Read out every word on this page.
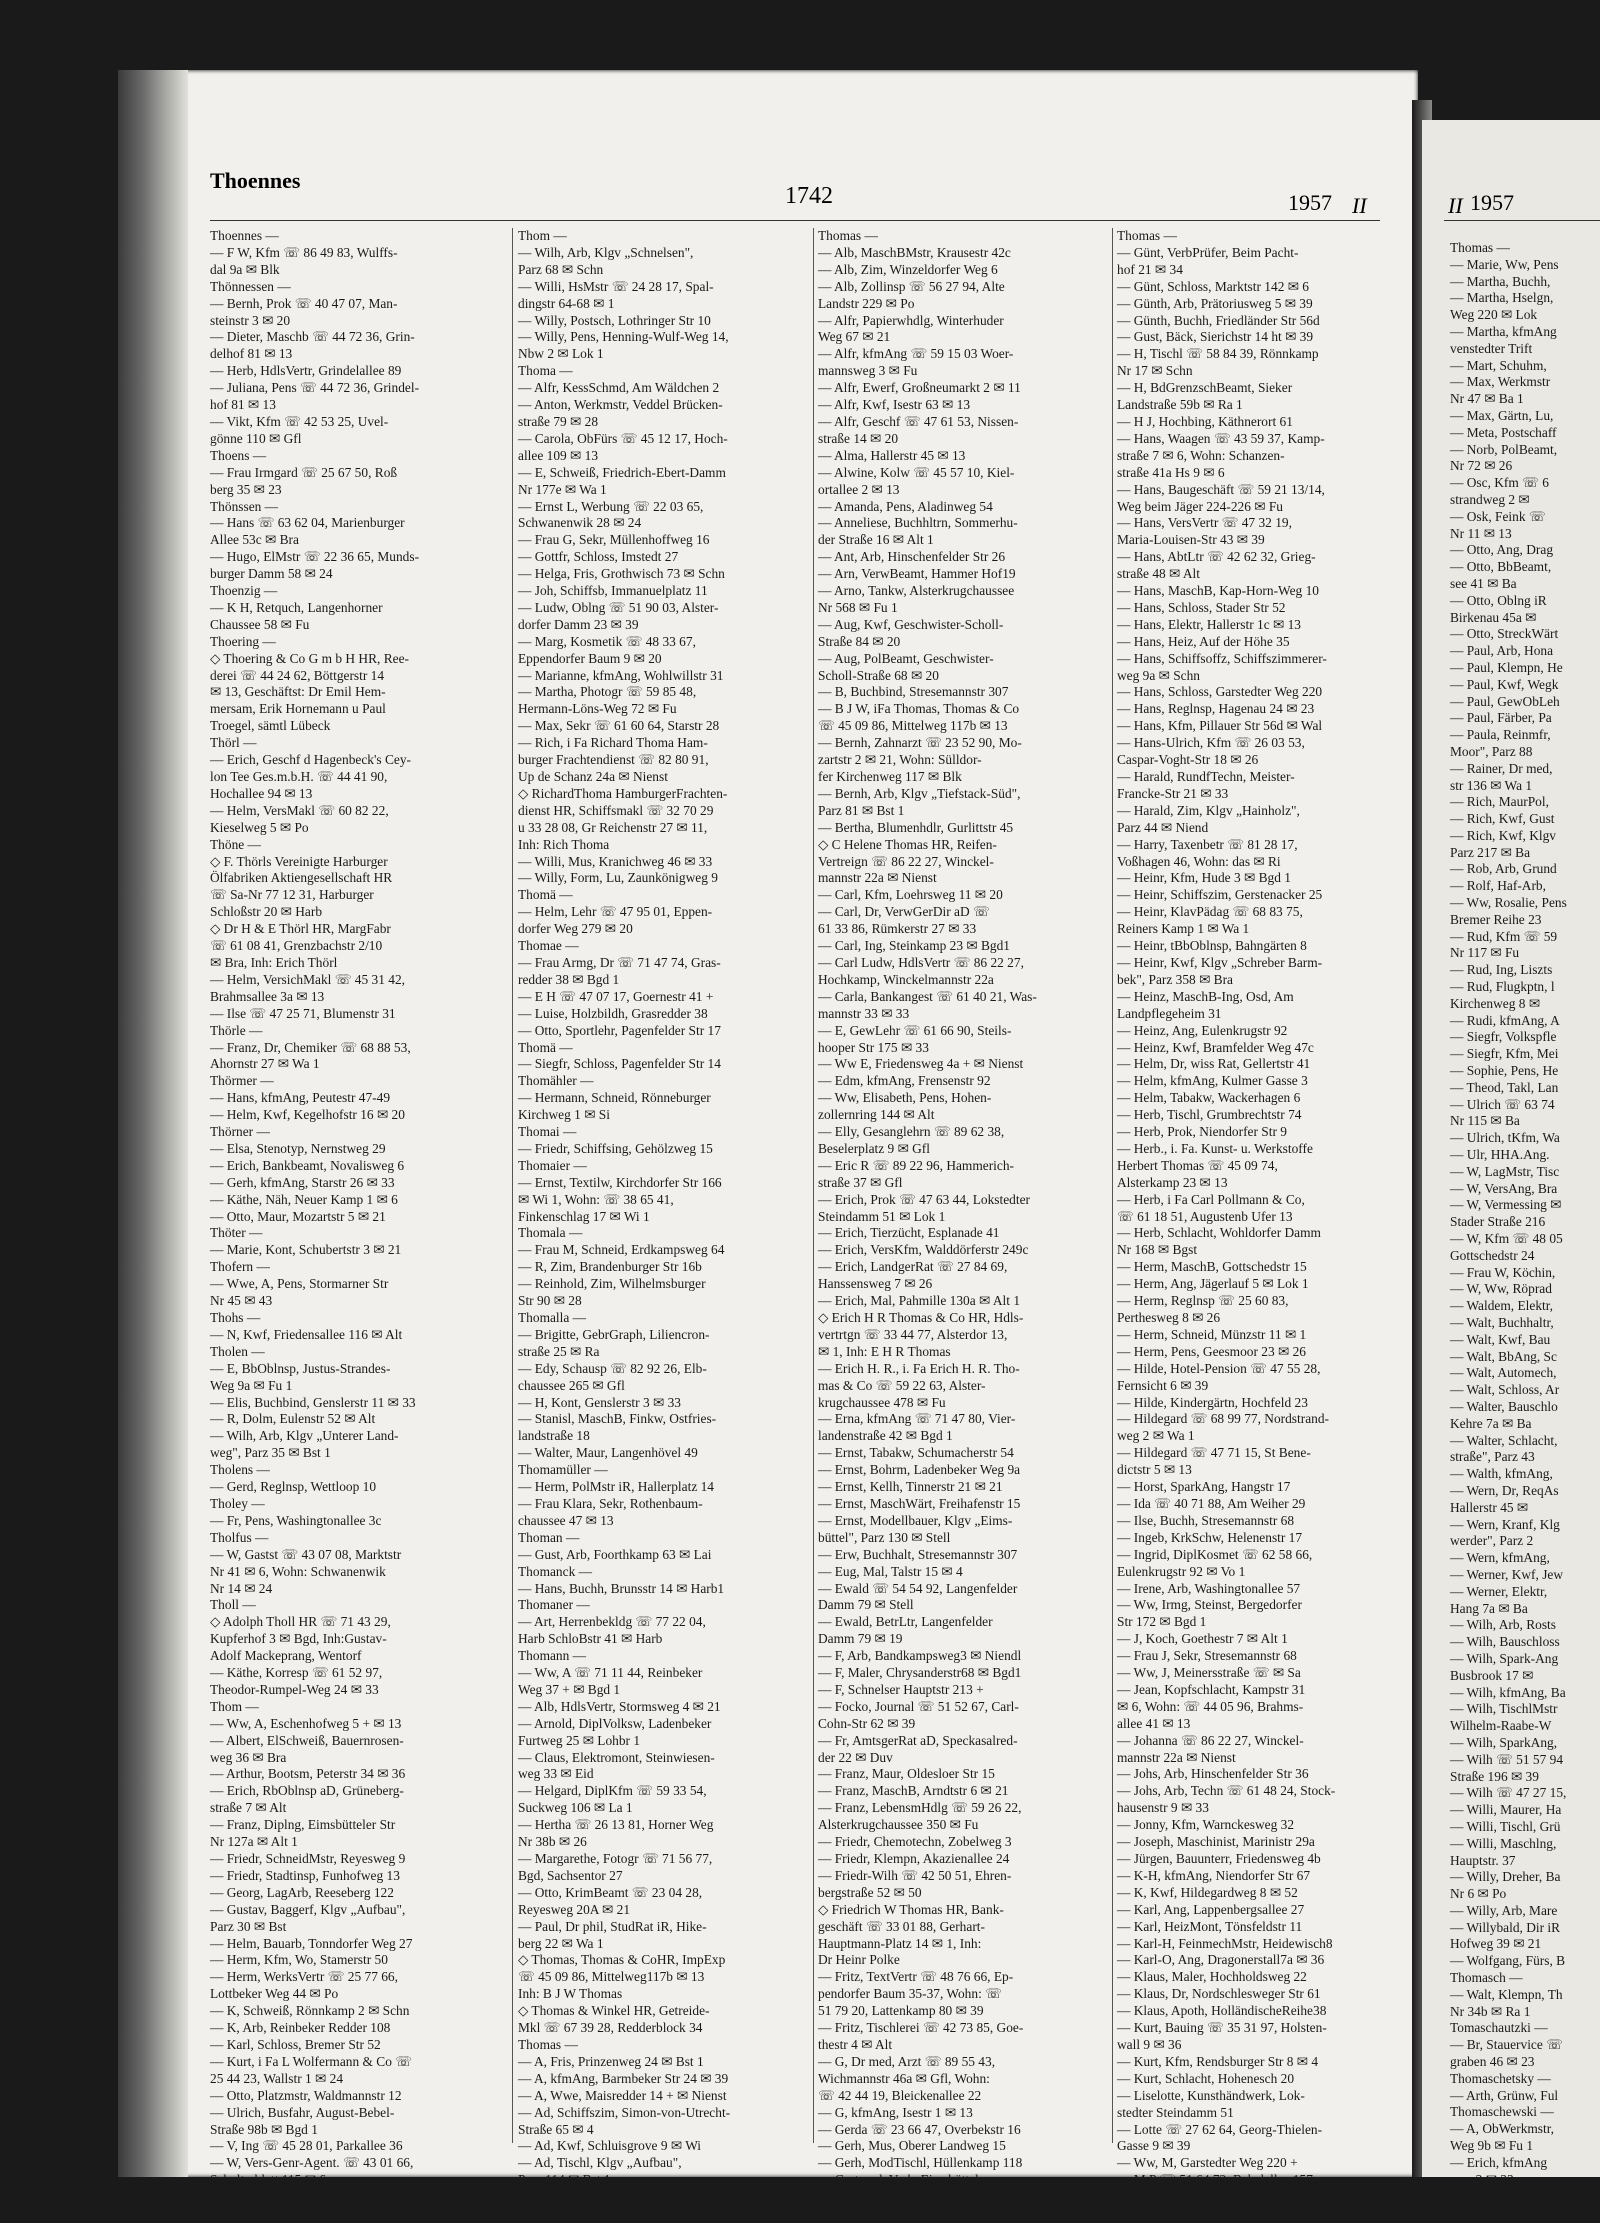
Thoennes
1742	1957 II
Thoennes —
— F W, Kfm ☏ 86 49 83, Wulffs-
dal 9a ✉ Blk
Thönnessen —
— Bernh, Prok ☏ 40 47 07, Man-
steinstr 3 ✉ 20
— Dieter, Maschb ☏ 44 72 36, Grin-
delhof 81 ✉ 13
— Herb, HdlsVertr, Grindelallee 89
— Juliana, Pens ☏ 44 72 36, Grindel-
hof 81 ✉ 13
— Vikt, Kfm ☏ 42 53 25, Uvel-
gönne 110 ✉ Gfl
Thoens —
— Frau Irmgard ☏ 25 67 50, Roß
berg 35 ✉ 23
Thönssen —
— Hans ☏ 63 62 04, Marienburger
Allee 53c ✉ Bra
— Hugo, ElMstr ☏ 22 36 65, Munds-
burger Damm 58 ✉ 24
Thoenzig —
— K H, Retquch, Langenhorner
Chaussee 58 ✉ Fu
Thoering —
◇ Thoering & Co G m b H HR, Ree-
derei ☏ 44 24 62, Böttgerstr 14
✉ 13, Geschäftst: Dr Emil Hem-
mersam, Erik Hornemann u Paul
Troegel, sämtl Lübeck
Thörl —
— Erich, Geschf d Hagenbeck's Cey-
lon Tee Ges.m.b.H. ☏ 44 41 90,
Hochallee 94 ✉ 13
— Helm, VersMakl ☏ 60 82 22,
Kieselweg 5 ✉ Po
Thöne —
◇ F. Thörls Vereinigte Harburger
Ölfabriken Aktiengesellschaft HR
☏ Sa-Nr 77 12 31, Harburger
Schloßstr 20 ✉ Harb
◇ Dr H & E Thörl HR, MargFabr
☏ 61 08 41, Grenzbachstr 2/10
✉ Bra, Inh: Erich Thörl
— Helm, VersichMakl ☏ 45 31 42,
Brahmsallee 3a ✉ 13
— Ilse ☏ 47 25 71, Blumenstr 31
Thörle —
— Franz, Dr, Chemiker ☏ 68 88 53,
Ahornstr 27 ✉ Wa 1
Thörmer —
— Hans, kfmAng, Peutestr 47-49
— Helm, Kwf, Kegelhofstr 16 ✉ 20
Thörner —
— Elsa, Stenotyp, Nernstweg 29
— Erich, Bankbeamt, Novalisweg 6
— Gerh, kfmAng, Starstr 26 ✉ 33
— Käthe, Näh, Neuer Kamp 1 ✉ 6
— Otto, Maur, Mozartstr 5 ✉ 21
Thöter —
— Marie, Kont, Schubertstr 3 ✉ 21
Thofern —
— Wwe, A, Pens, Stormarner Str
Nr 45 ✉ 43
Thohs —
— N, Kwf, Friedensallee 116 ✉ Alt
Tholen —
— E, BbOblnsp, Justus-Strandes-
Weg 9a ✉ Fu 1
— Elis, Buchbind, Genslerstr 11 ✉ 33
— R, Dolm, Eulenstr 52 ✉ Alt
— Wilh, Arb, Klgv „Unterer Land-
weg", Parz 35 ✉ Bst 1
Tholens —
— Gerd, Reglnsp, Wettloop 10
Tholey —
— Fr, Pens, Washingtonallee 3c
Tholfus —
— W, Gastst ☏ 43 07 08, Marktstr
Nr 41 ✉ 6, Wohn: Schwanenwik
Nr 14 ✉ 24
Tholl —
◇ Adolph Tholl HR ☏ 71 43 29,
Kupferhof 3 ✉ Bgd, Inh:Gustav-
Adolf Mackeprang, Wentorf
— Käthe, Korresp ☏ 61 52 97,
Theodor-Rumpel-Weg 24 ✉ 33
Thom —
— Ww, A, Eschenhofweg 5 + ✉ 13
— Albert, ElSchweiß, Bauernrosen-
weg 36 ✉ Bra
— Arthur, Bootsm, Peterstr 34 ✉ 36
— Erich, RbOblnsp aD, Grüneberg-
straße 7 ✉ Alt
— Franz, Diplng, Eimsbütteler Str
Nr 127a ✉ Alt 1
— Friedr, SchneidMstr, Reyesweg 9
— Friedr, Stadtinsp, Funhofweg 13
— Georg, LagArb, Reeseberg 122
— Gustav, Baggerf, Klgv „Aufbau",
Parz 30 ✉ Bst
— Helm, Bauarb, Tonndorfer Weg 27
— Herm, Kfm, Wo, Stamerstr 50
— Herm, WerksVertr ☏ 25 77 66,
Lottbeker Weg 44 ✉ Po
— K, Schweiß, Rönnkamp 2 ✉ Schn
— K, Arb, Reinbeker Redder 108
— Karl, Schloss, Bremer Str 52
— Kurt, i Fa L Wolfermann & Co ☏
25 44 23, Wallstr 1 ✉ 24
— Otto, Platzmstr, Waldmannstr 12
— Ulrich, Busfahr, August-Bebel-
Straße 98b ✉ Bgd 1
— V, Ing ☏ 45 28 01, Parkallee 36
— W, Vers-Genr-Agent. ☏ 43 01 66,
Schulterblatt 115 ✉ 6
Thom —
— Wilh, Arb, Klgv „Schnelsen",
Parz 68 ✉ Schn
— Willi, HsMstr ☏ 24 28 17, Spal-
dingstr 64-68 ✉ 1
— Willy, Postsch, Lothringer Str 10
— Willy, Pens, Henning-Wulf-Weg 14,
Nbw 2 ✉ Lok 1
Thoma —
— Alfr, KessSchmd, Am Wäldchen 2
— Anton, Werkmstr, Veddel Brücken-
straße 79 ✉ 28
— Carola, ObFürs ☏ 45 12 17, Hoch-
allee 109 ✉ 13
— E, Schweiß, Friedrich-Ebert-Damm
Nr 177e ✉ Wa 1
— Ernst L, Werbung ☏ 22 03 65,
Schwanenwik 28 ✉ 24
— Frau G, Sekr, Müllenhoffweg 16
— Gottfr, Schloss, Imstedt 27
— Helga, Fris, Grothwisch 73 ✉ Schn
— Joh, Schiffsb, Immanuelplatz 11
— Ludw, Oblng ☏ 51 90 03, Alster-
dorfer Damm 23 ✉ 39
— Marg, Kosmetik ☏ 48 33 67,
Eppendorfer Baum 9 ✉ 20
— Marianne, kfmAng, Wohlwillstr 31
— Martha, Photogr ☏ 59 85 48,
Hermann-Löns-Weg 72 ✉ Fu
— Max, Sekr ☏ 61 60 64, Starstr 28
— Rich, i Fa Richard Thoma Ham-
burger Frachtendienst ☏ 82 80 91,
Up de Schanz 24a ✉ Nienst
◇ RichardThoma HamburgerFrachten-
dienst HR, Schiffsmakl ☏ 32 70 29
u 33 28 08, Gr Reichenstr 27 ✉ 11,
Inh: Rich Thoma
— Willi, Mus, Kranichweg 46 ✉ 33
— Willy, Form, Lu, Zaunkönigweg 9
Thomä —
— Helm, Lehr ☏ 47 95 01, Eppen-
dorfer Weg 279 ✉ 20
Thomae —
— Frau Armg, Dr ☏ 71 47 74, Gras-
redder 38 ✉ Bgd 1
— E H ☏ 47 07 17, Goernestr 41 +
— Luise, Holzbildh, Grasredder 38
— Otto, Sportlehr, Pagenfelder Str 17
Thomä —
— Siegfr, Schloss, Pagenfelder Str 14
Thomähler —
— Hermann, Schneid, Rönneburger
Kirchweg 1 ✉ Si
Thomai —
— Friedr, Schiffsing, Gehölzweg 15
Thomaier —
— Ernst, Textilw, Kirchdorfer Str 166
✉ Wi 1, Wohn: ☏ 38 65 41,
Finkenschlag 17 ✉ Wi 1
Thomala —
— Frau M, Schneid, Erdkampsweg 64
— R, Zim, Brandenburger Str 16b
— Reinhold, Zim, Wilhelmsburger
Str 90 ✉ 28
Thomalla —
— Brigitte, GebrGraph, Liliencron-
straße 25 ✉ Ra
— Edy, Schausp ☏ 82 92 26, Elb-
chaussee 265 ✉ Gfl
— H, Kont, Genslerstr 3 ✉ 33
— Stanisl, MaschB, Finkw, Ostfries-
landstraße 18
— Walter, Maur, Langenhövel 49
Thomamüller —
— Herm, PolMstr iR, Hallerplatz 14
— Frau Klara, Sekr, Rothenbaum-
chaussee 47 ✉ 13
Thoman —
— Gust, Arb, Foorthkamp 63 ✉ Lai
Thomanck —
— Hans, Buchh, Brunsstr 14 ✉ Harb1
Thomaner —
— Art, Herrenbekldg ☏ 77 22 04,
Harb SchloBstr 41 ✉ Harb
Thomann —
— Ww, A ☏ 71 11 44, Reinbeker
Weg 37 + ✉ Bgd 1
— Alb, HdlsVertr, Stormsweg 4 ✉ 21
— Arnold, DiplVolksw, Ladenbeker
Furtweg 25 ✉ Lohbr 1
— Claus, Elektromont, Steinwiesen-
weg 33 ✉ Eid
— Helgard, DiplKfm ☏ 59 33 54,
Suckweg 106 ✉ La 1
— Hertha ☏ 26 13 81, Horner Weg
Nr 38b ✉ 26
— Margarethe, Fotogr ☏ 71 56 77,
Bgd, Sachsentor 27
— Otto, KrimBeamt ☏ 23 04 28,
Reyesweg 20A ✉ 21
— Paul, Dr phil, StudRat iR, Hike-
berg 22 ✉ Wa 1
◇ Thomas, Thomas & CoHR, ImpExp
☏ 45 09 86, Mittelweg117b ✉ 13
Inh: B J W Thomas
◇ Thomas & Winkel HR, Getreide-
Mkl ☏ 67 39 28, Redderblock 34
Thomas —
— A, Fris, Prinzenweg 24 ✉ Bst 1
— A, kfmAng, Barmbeker Str 24 ✉ 39
— A, Wwe, Maisredder 14 + ✉ Nienst
— Ad, Schiffszim, Simon-von-Utrecht-
Straße 65 ✉ 4
— Ad, Kwf, Schluisgrove 9 ✉ Wi
— Ad, Tischl, Klgv „Aufbau",
Parz 114 ✉ Bst 1
— Ad, Kwf, Wilmansstr 45 ✉ Wi 1
— Ad, BbArb, Arnkielstr 14 ✉ Alt1
Thomas —
— Alb, MaschBMstr, Krausestr 42c
— Alb, Zim, Winzeldorfer Weg 6
— Alb, Zollinsp ☏ 56 27 94, Alte
Landstr 229 ✉ Po
— Alfr, Papierwhdlg, Winterhuder
Weg 67 ✉ 21
— Alfr, kfmAng ☏ 59 15 03 Woer-
mannsweg 3 ✉ Fu
— Alfr, Ewerf, Großneumarkt 2 ✉ 11
— Alfr, Kwf, Isestr 63 ✉ 13
— Alfr, Geschf ☏ 47 61 53, Nissen-
straße 14 ✉ 20
— Alma, Hallerstr 45 ✉ 13
— Alwine, Kolw ☏ 45 57 10, Kiel-
ortallee 2 ✉ 13
— Amanda, Pens, Aladinweg 54
— Anneliese, Buchhltrn, Sommerhu-
der Straße 16 ✉ Alt 1
— Ant, Arb, Hinschenfelder Str 26
— Arn, VerwBeamt, Hammer Hof19
— Arno, Tankw, Alsterkrugchaussee
Nr 568 ✉ Fu 1
— Aug, Kwf, Geschwister-Scholl-
Straße 84 ✉ 20
— Aug, PolBeamt, Geschwister-
Scholl-Straße 68 ✉ 20
— B, Buchbind, Stresemannstr 307
— B J W, iFa Thomas, Thomas & Co
☏ 45 09 86, Mittelweg 117b ✉ 13
— Bernh, Zahnarzt ☏ 23 52 90, Mo-
zartstr 2 ✉ 21, Wohn: Sülldor-
fer Kirchenweg 117 ✉ Blk
— Bernh, Arb, Klgv „Tiefstack-Süd",
Parz 81 ✉ Bst 1
— Bertha, Blumenhdlr, Gurlittstr 45
◇ C Helene Thomas HR, Reifen-
Vertreign ☏ 86 22 27, Winckel-
mannstr 22a ✉ Nienst
— Carl, Kfm, Loehrsweg 11 ✉ 20
— Carl, Dr, VerwGerDir aD ☏
61 33 86, Rümkerstr 27 ✉ 33
— Carl, Ing, Steinkamp 23 ✉ Bgd1
— Carl Ludw, HdlsVertr ☏ 86 22 27,
Hochkamp, Winckelmannstr 22a
— Carla, Bankangest ☏ 61 40 21, Was-
mannstr 33 ✉ 33
— E, GewLehr ☏ 61 66 90, Steils-
hooper Str 175 ✉ 33
— Ww E, Friedensweg 4a + ✉ Nienst
— Edm, kfmAng, Frensenstr 92
— Ww, Elisabeth, Pens, Hohen-
zollernring 144 ✉ Alt
— Elly, Gesanglehrn ☏ 89 62 38,
Beselerplatz 9 ✉ Gfl
— Eric R ☏ 89 22 96, Hammerich-
straße 37 ✉ Gfl
— Erich, Prok ☏ 47 63 44, Lokstedter
Steindamm 51 ✉ Lok 1
— Erich, Tierzücht, Esplanade 41
— Erich, VersKfm, Walddörferstr 249c
— Erich, LandgerRat ☏ 27 84 69,
Hanssensweg 7 ✉ 26
— Erich, Mal, Pahmille 130a ✉ Alt 1
◇ Erich H R Thomas & Co HR, Hdls-
vertrtgn ☏ 33 44 77, Alsterdor 13,
✉ 1, Inh: E H R Thomas
— Erich H. R., i. Fa Erich H. R. Tho-
mas & Co ☏ 59 22 63, Alster-
krugchaussee 478 ✉ Fu
— Erna, kfmAng ☏ 71 47 80, Vier-
landenstraße 42 ✉ Bgd 1
— Ernst, Tabakw, Schumacherstr 54
— Ernst, Bohrm, Ladenbeker Weg 9a
— Ernst, Kellh, Tinnerstr 21 ✉ 21
— Ernst, MaschWärt, Freihafenstr 15
— Ernst, Modellbauer, Klgv „Eims-
büttel", Parz 130 ✉ Stell
— Erw, Buchhalt, Stresemannstr 307
— Eug, Mal, Talstr 15 ✉ 4
— Ewald ☏ 54 54 92, Langenfelder
Damm 79 ✉ Stell
— Ewald, BetrLtr, Langenfelder
Damm 79 ✉ 19
— F, Arb, Bandkampsweg3 ✉ Niendl
— F, Maler, Chrysanderstr68 ✉ Bgd1
— F, Schnelser Hauptstr 213 +
— Focko, Journal ☏ 51 52 67, Carl-
Cohn-Str 62 ✉ 39
— Fr, AmtsgerRat aD, Speckasalred-
der 22 ✉ Duv
— Franz, Maur, Oldesloer Str 15
— Franz, MaschB, Arndtstr 6 ✉ 21
— Franz, LebensmHdlg ☏ 59 26 22,
Alsterkrugchaussee 350 ✉ Fu
— Friedr, Chemotechn, Zobelweg 3
— Friedr, Klempn, Akazienallee 24
— Friedr-Wilh ☏ 42 50 51, Ehren-
bergstraße 52 ✉ 50
◇ Friedrich W Thomas HR, Bank-
geschäft ☏ 33 01 88, Gerhart-
Hauptmann-Platz 14 ✉ 1, Inh:
Dr Heinr Polke
— Fritz, TextVertr ☏ 48 76 66, Ep-
pendorfer Baum 35-37, Wohn: ☏
51 79 20, Lattenkamp 80 ✉ 39
— Fritz, Tischlerei ☏ 42 73 85, Goe-
thestr 4 ✉ Alt
— G, Dr med, Arzt ☏ 89 55 43,
Wichmannstr 46a ✉ Gfl, Wohn:
☏ 42 44 19, Bleickenallee 22
— G, kfmAng, Isestr 1 ✉ 13
— Gerda ☏ 23 66 47, Overbekstr 16
— Gerh, Mus, Oberer Landweg 15
— Gerh, ModTischl, Hüllenkamp 118
— Gertraud, Verk, Eimsbütteler
Marktplatz 34 ✉ 19
Thomas —
— Günt, VerbPrüfer, Beim Pacht-
hof 21 ✉ 34
— Günt, Schloss, Marktstr 142 ✉ 6
— Günth, Arb, Prätoriusweg 5 ✉ 39
— Günth, Buchh, Friedländer Str 56d
— Gust, Bäck, Sierichstr 14 ht ✉ 39
— H, Tischl ☏ 58 84 39, Rönnkamp
Nr 17 ✉ Schn
— H, BdGrenzschBeamt, Sieker
Landstraße 59b ✉ Ra 1
— H J, Hochbing, Käthnerort 61
— Hans, Waagen ☏ 43 59 37, Kamp-
straße 7 ✉ 6, Wohn: Schanzen-
straße 41a Hs 9 ✉ 6
— Hans, Baugeschäft ☏ 59 21 13/14,
Weg beim Jäger 224-226 ✉ Fu
— Hans, VersVertr ☏ 47 32 19,
Maria-Louisen-Str 43 ✉ 39
— Hans, AbtLtr ☏ 42 62 32, Grieg-
straße 48 ✉ Alt
— Hans, MaschB, Kap-Horn-Weg 10
— Hans, Schloss, Stader Str 52
— Hans, Elektr, Hallerstr 1c ✉ 13
— Hans, Heiz, Auf der Höhe 35
— Hans, Schiffsoffz, Schiffszimmerer-
weg 9a ✉ Schn
— Hans, Schloss, Garstedter Weg 220
— Hans, Reglnsp, Hagenau 24 ✉ 23
— Hans, Kfm, Pillauer Str 56d ✉ Wal
— Hans-Ulrich, Kfm ☏ 26 03 53,
Caspar-Voght-Str 18 ✉ 26
— Harald, RundfTechn, Meister-
Francke-Str 21 ✉ 33
— Harald, Zim, Klgv „Hainholz",
Parz 44 ✉ Niend
— Harry, Taxenbetr ☏ 81 28 17,
Voßhagen 46, Wohn: das ✉ Ri
— Heinr, Kfm, Hude 3 ✉ Bgd 1
— Heinr, Schiffszim, Gerstenacker 25
— Heinr, KlavPädag ☏ 68 83 75,
Reiners Kamp 1 ✉ Wa 1
— Heinr, tBbOblnsp, Bahngärten 8
— Heinr, Kwf, Klgv „Schreber Barm-
bek", Parz 358 ✉ Bra
— Heinz, MaschB-Ing, Osd, Am
Landpflegeheim 31
— Heinz, Ang, Eulenkrugstr 92
— Heinz, Kwf, Bramfelder Weg 47c
— Helm, Dr, wiss Rat, Gellertstr 41
— Helm, kfmAng, Kulmer Gasse 3
— Helm, Tabakw, Wackerhagen 6
— Herb, Tischl, Grumbrechtstr 74
— Herb, Prok, Niendorfer Str 9
— Herb., i. Fa. Kunst- u. Werkstoffe
Herbert Thomas ☏ 45 09 74,
Alsterkamp 23 ✉ 13
— Herb, i Fa Carl Pollmann & Co,
☏ 61 18 51, Augustenb Ufer 13
— Herb, Schlacht, Wohldorfer Damm
Nr 168 ✉ Bgst
— Herm, MaschB, Gottschedstr 15
— Herm, Ang, Jägerlauf 5 ✉ Lok 1
— Herm, Reglnsp ☏ 25 60 83,
Perthesweg 8 ✉ 26
— Herm, Schneid, Münzstr 11 ✉ 1
— Herm, Pens, Geesmoor 23 ✉ 26
— Hilde, Hotel-Pension ☏ 47 55 28,
Fernsicht 6 ✉ 39
— Hilde, Kindergärtn, Hochfeld 23
— Hildegard ☏ 68 99 77, Nordstrand-
weg 2 ✉ Wa 1
— Hildegard ☏ 47 71 15, St Bene-
dictstr 5 ✉ 13
— Horst, SparkAng, Hangstr 17
— Ida ☏ 40 71 88, Am Weiher 29
— Ilse, Buchh, Stresemannstr 68
— Ingeb, KrkSchw, Helenenstr 17
— Ingrid, DiplKosmet ☏ 62 58 66,
Eulenkrugstr 92 ✉ Vo 1
— Irene, Arb, Washingtonallee 57
— Ww, Irmg, Steinst, Bergedorfer
Str 172 ✉ Bgd 1
— J, Koch, Goethestr 7 ✉ Alt 1
— Frau J, Sekr, Stresemannstr 68
— Ww, J, Meinersstraße ☏ ✉ Sa
— Jean, Kopfschlacht, Kampstr 31
✉ 6, Wohn: ☏ 44 05 96, Brahms-
allee 41 ✉ 13
— Johanna ☏ 86 22 27, Winckel-
mannstr 22a ✉ Nienst
— Johs, Arb, Hinschenfelder Str 36
— Johs, Arb, Techn ☏ 61 48 24, Stock-
hausenstr 9 ✉ 33
— Jonny, Kfm, Warnckesweg 32
— Joseph, Maschinist, Marinistr 29a
— Jürgen, Bauunterr, Friedensweg 4b
— K-H, kfmAng, Niendorfer Str 67
— K, Kwf, Hildegardweg 8 ✉ 52
— Karl, Ang, Lappenbergsallee 27
— Karl, HeizMont, Tönsfeldstr 11
— Karl-H, FeinmechMstr, Heidewisch8
— Karl-O, Ang, Dragonerstall7a ✉ 36
— Klaus, Maler, Hochholdsweg 22
— Klaus, Dr, Nordschlesweger Str 61
— Klaus, Apoth, HolländischeReihe38
— Kurt, Bauing ☏ 35 31 97, Holsten-
wall 9 ✉ 36
— Kurt, Kfm, Rendsburger Str 8 ✉ 4
— Kurt, Schlacht, Hohenesch 20
— Liselotte, Kunsthändwerk, Lok-
stedter Steindamm 51
— Lotte ☏ 27 62 64, Georg-Thielen-
Gasse 9 ✉ 39
— Ww, M, Garstedter Weg 220 +
— M P ☏ 51 64 72, Bebelallee 157
— Maria-Theodora, Prok ☏ 45 71 69,
Brahmsallee 74 ✉ 13
II 1957
Thomas —
— Marie, Ww, Pens
— Martha, Buchh,
— Martha, Hselgn,
Weg 220 ✉ Lok
— Martha, kfmAng
venstedter Trift
— Mart, Schuhm,
— Max, Werkmstr
Nr 47 ✉ Ba 1
— Max, Gärtn, Lu,
— Meta, Postschaff
— Norb, PolBeamt,
Nr 72 ✉ 26
— Osc, Kfm ☏ 6
strandweg 2 ✉
— Osk, Feink ☏
Nr 11 ✉ 13
— Otto, Ang, Drag
— Otto, BbBeamt,
see 41 ✉ Ba
— Otto, Oblng iR
Birkenau 45a ✉
— Otto, StreckWärt
— Paul, Arb, Hona
— Paul, Klempn, He
— Paul, Kwf, Wegk
— Paul, GewObLeh
— Paul, Färber, Pa
— Paula, Reinmfr,
Moor", Parz 88
— Rainer, Dr med,
str 136 ✉ Wa 1
— Rich, MaurPol,
— Rich, Kwf, Gust
— Rich, Kwf, Klgv
Parz 217 ✉ Ba
— Rob, Arb, Grund
— Rolf, Haf-Arb,
— Ww, Rosalie, Pens
Bremer Reihe 23
— Rud, Kfm ☏ 59
Nr 117 ✉ Fu
— Rud, Ing, Liszts
— Rud, Flugkptn, l
Kirchenweg 8 ✉
— Rudi, kfmAng, A
— Siegfr, Volkspfle
— Siegfr, Kfm, Mei
— Sophie, Pens, He
— Theod, Takl, Lan
— Ulrich ☏ 63 74
Nr 115 ✉ Ba
— Ulrich, tKfm, Wa
— Ulr, HHA.Ang.
— W, LagMstr, Tisc
— W, VersAng, Bra
— W, Vermessing ✉
Stader Straße 216
— W, Kfm ☏ 48 05
Gottschedstr 24
— Frau W, Köchin,
— W, Ww, Röprad
— Waldem, Elektr,
— Walt, Buchhaltr,
— Walt, Kwf, Bau
— Walt, BbAng, Sc
— Walt, Automech,
— Walt, Schloss, Ar
— Walter, Bauschlo
Kehre 7a ✉ Ba
— Walter, Schlacht,
straße", Parz 43
— Walth, kfmAng,
— Wern, Dr, ReqAs
Hallerstr 45 ✉
— Wern, Kranf, Klg
werder", Parz 2
— Wern, kfmAng,
— Werner, Kwf, Jew
— Werner, Elektr,
Hang 7a ✉ Ba
— Wilh, Arb, Rosts
— Wilh, Bauschloss
— Wilh, Spark-Ang
Busbrook 17 ✉
— Wilh, kfmAng, Ba
— Wilh, TischlMstr
Wilhelm-Raabe-W
— Wilh, SparkAng,
— Wilh ☏ 51 57 94
Straße 196 ✉ 39
— Wilh ☏ 47 27 15,
— Willi, Maurer, Ha
— Willi, Tischl, Grü
— Willi, Maschlng,
Hauptstr. 37
— Willy, Dreher, Ba
Nr 6 ✉ Po
— Willy, Arb, Mare
— Willybald, Dir iR
Hofweg 39 ✉ 21
— Wolfgang, Fürs, B
Thomasch —
— Walt, Klempn, Th
Nr 34b ✉ Ra 1
Tomaschautzki —
— Br, Stauervice ☏
graben 46 ✉ 23
Thomaschetsky —
— Arth, Grünw, Ful
Thomaschewski —
— A, ObWerkmstr,
Weg 9b ✉ Fu 1
— Erich, kfmAng
weg 3 ✉ 33
— Georg, BbOblAng
mannhöhe 15 ✉
